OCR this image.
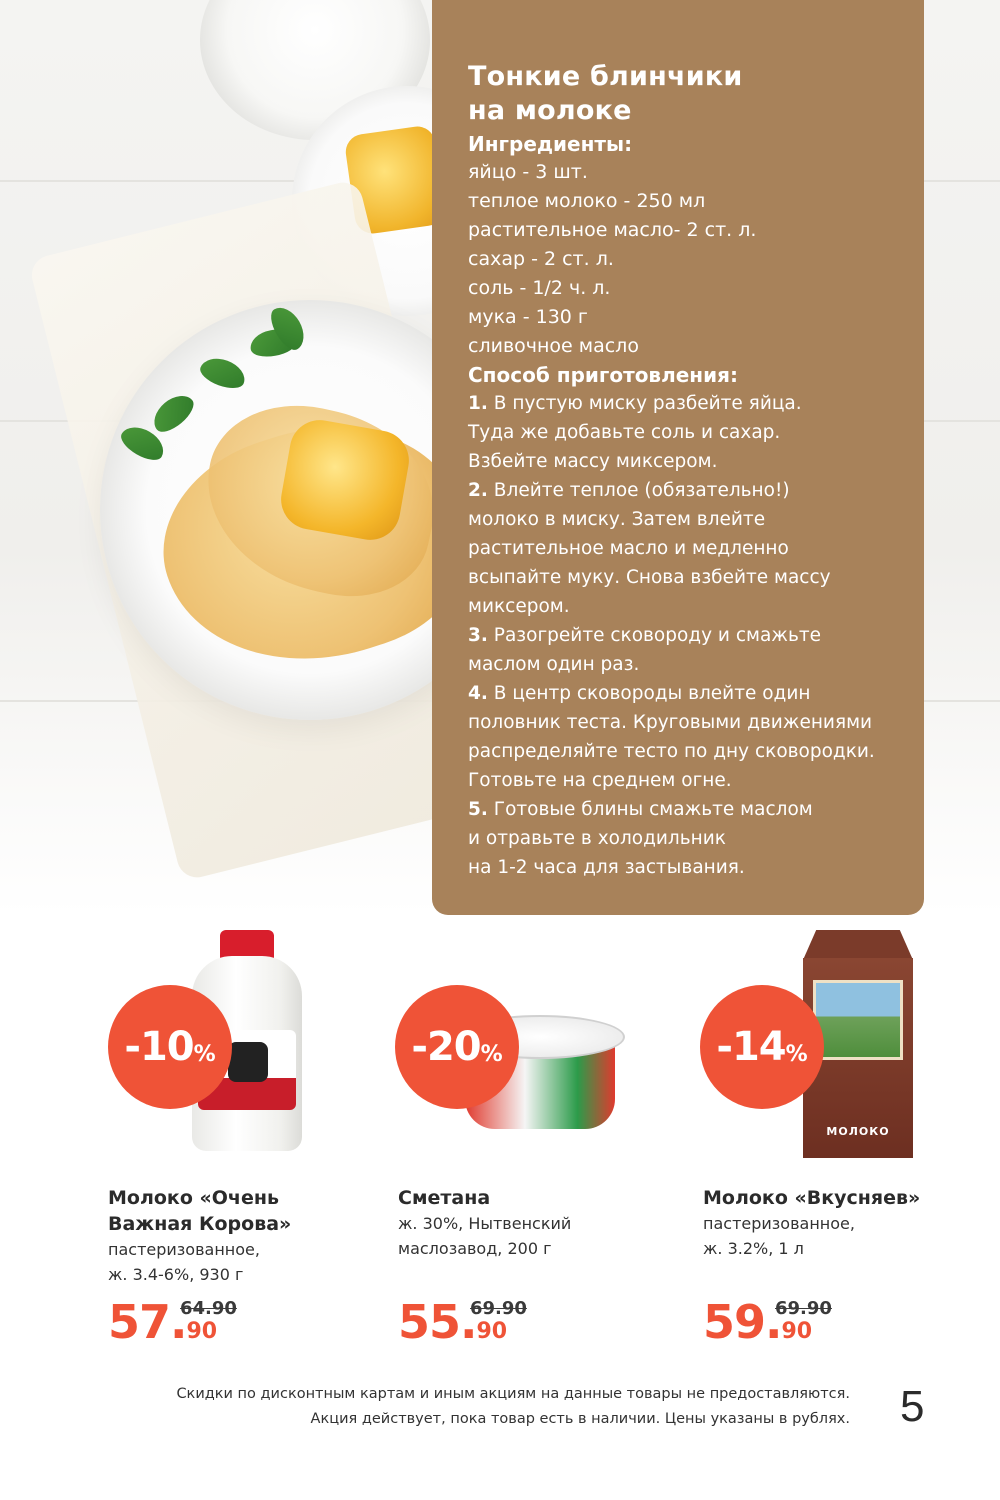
Тонкие блинчики
на молоке
Ингредиенты:
яйцо - 3 шт.
теплое молоко - 250 мл
растительное масло- 2 ст. л.
сахар - 2 ст. л.
соль - 1/2 ч. л.
мука - 130 г
сливочное масло
Способ приготовления:
1. В пустую миску разбейте яйца.
Туда же добавьте соль и сахар.
Взбейте массу миксером.
2. Влейте теплое (обязательно!)
молоко в миску. Затем влейте
растительное масло и медленно
всыпайте муку. Снова взбейте массу
миксером.
3. Разогрейте сковороду и смажьте
маслом один раз.
4. В центр сковороды влейте один
половник теста. Круговыми движениями
распределяйте тесто по дну сковородки.
Готовьте на среднем огне.
5. Готовые блины смажьте маслом
и отравьте в холодильник
на 1-2 часа для застывания.
-10 %
Молоко «Очень
Важная Корова»
пастеризованное,
ж. 3.4-6%, 930 г
57.90
64.90
-20 %
Сметана
ж. 30%, Нытвенский
маслозавод, 200 г
55.90
69.90
МОЛОКО
-14 %
Молоко «Вкусняев»
пастеризованное,
ж. 3.2%, 1 л
59.90
69.90
Скидки по дисконтным картам и иным акциям на данные товары не предоставляются.
Акция действует, пока товар есть в наличии. Цены указаны в рублях. 5
